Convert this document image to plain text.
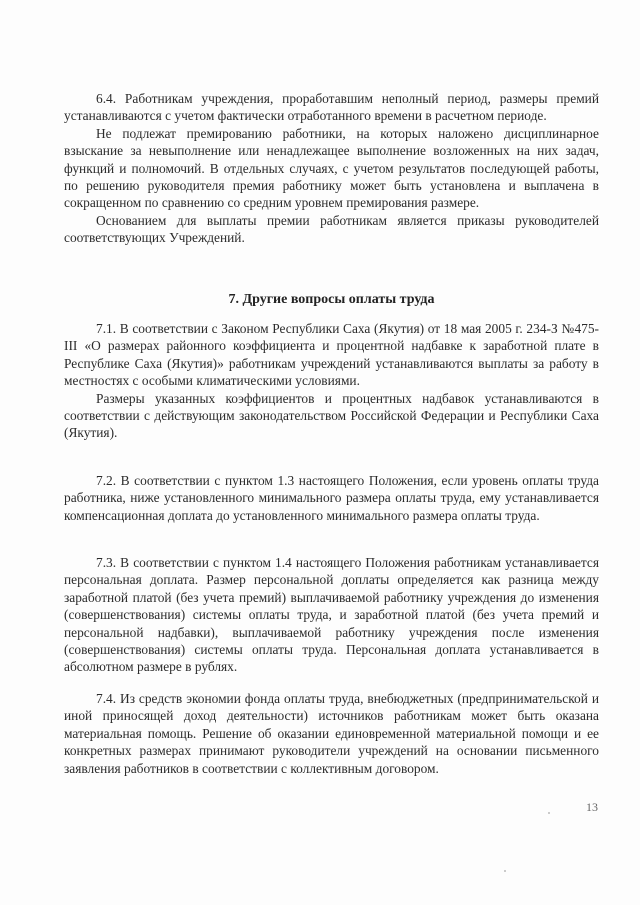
6.4. Работникам учреждения, проработавшим неполный период, размеры премий устанавливаются с учетом фактически отработанного времени в расчетном периоде.

Не подлежат премированию работники, на которых наложено дисциплинарное взыскание за невыполнение или ненадлежащее выполнение возложенных на них задач, функций и полномочий. В отдельных случаях, с учетом результатов последующей работы, по решению руководителя премия работнику может быть установлена и выплачена в сокращенном по сравнению со средним уровнем премирования размере.

Основанием для выплаты премии работникам является приказы руководителей соответствующих Учреждений.

7. Другие вопросы оплаты труда

7.1. В соответствии с Законом Республики Саха (Якутия) от 18 мая 2005 г. 234-З №475-III «О размерах районного коэффициента и процентной надбавке к заработной плате в Республике Саха (Якутия)» работникам учреждений устанавливаются выплаты за работу в местностях с особыми климатическими условиями.

Размеры указанных коэффициентов и процентных надбавок устанавливаются в соответствии с действующим законодательством Российской Федерации и Республики Саха (Якутия).

7.2. В соответствии с пунктом 1.3 настоящего Положения, если уровень оплаты труда работника, ниже установленного минимального размера оплаты труда, ему устанавливается компенсационная доплата до установленного минимального размера оплаты труда.

7.3. В соответствии с пунктом 1.4 настоящего Положения работникам устанавливается персональная доплата. Размер персональной доплаты определяется как разница между заработной платой (без учета премий) выплачиваемой работнику учреждения до изменения (совершенствования) системы оплаты труда, и заработной платой (без учета премий и персональной надбавки), выплачиваемой работнику учреждения после изменения (совершенствования) системы оплаты труда. Персональная доплата устанавливается в абсолютном размере в рублях.

7.4. Из средств экономии фонда оплаты труда, внебюджетных (предпринимательской и иной приносящей доход деятельности) источников работникам может быть оказана материальная помощь. Решение об оказании единовременной материальной помощи и ее конкретных размерах принимают руководители учреждений на основании письменного заявления работников в соответствии с коллективным договором.

13
